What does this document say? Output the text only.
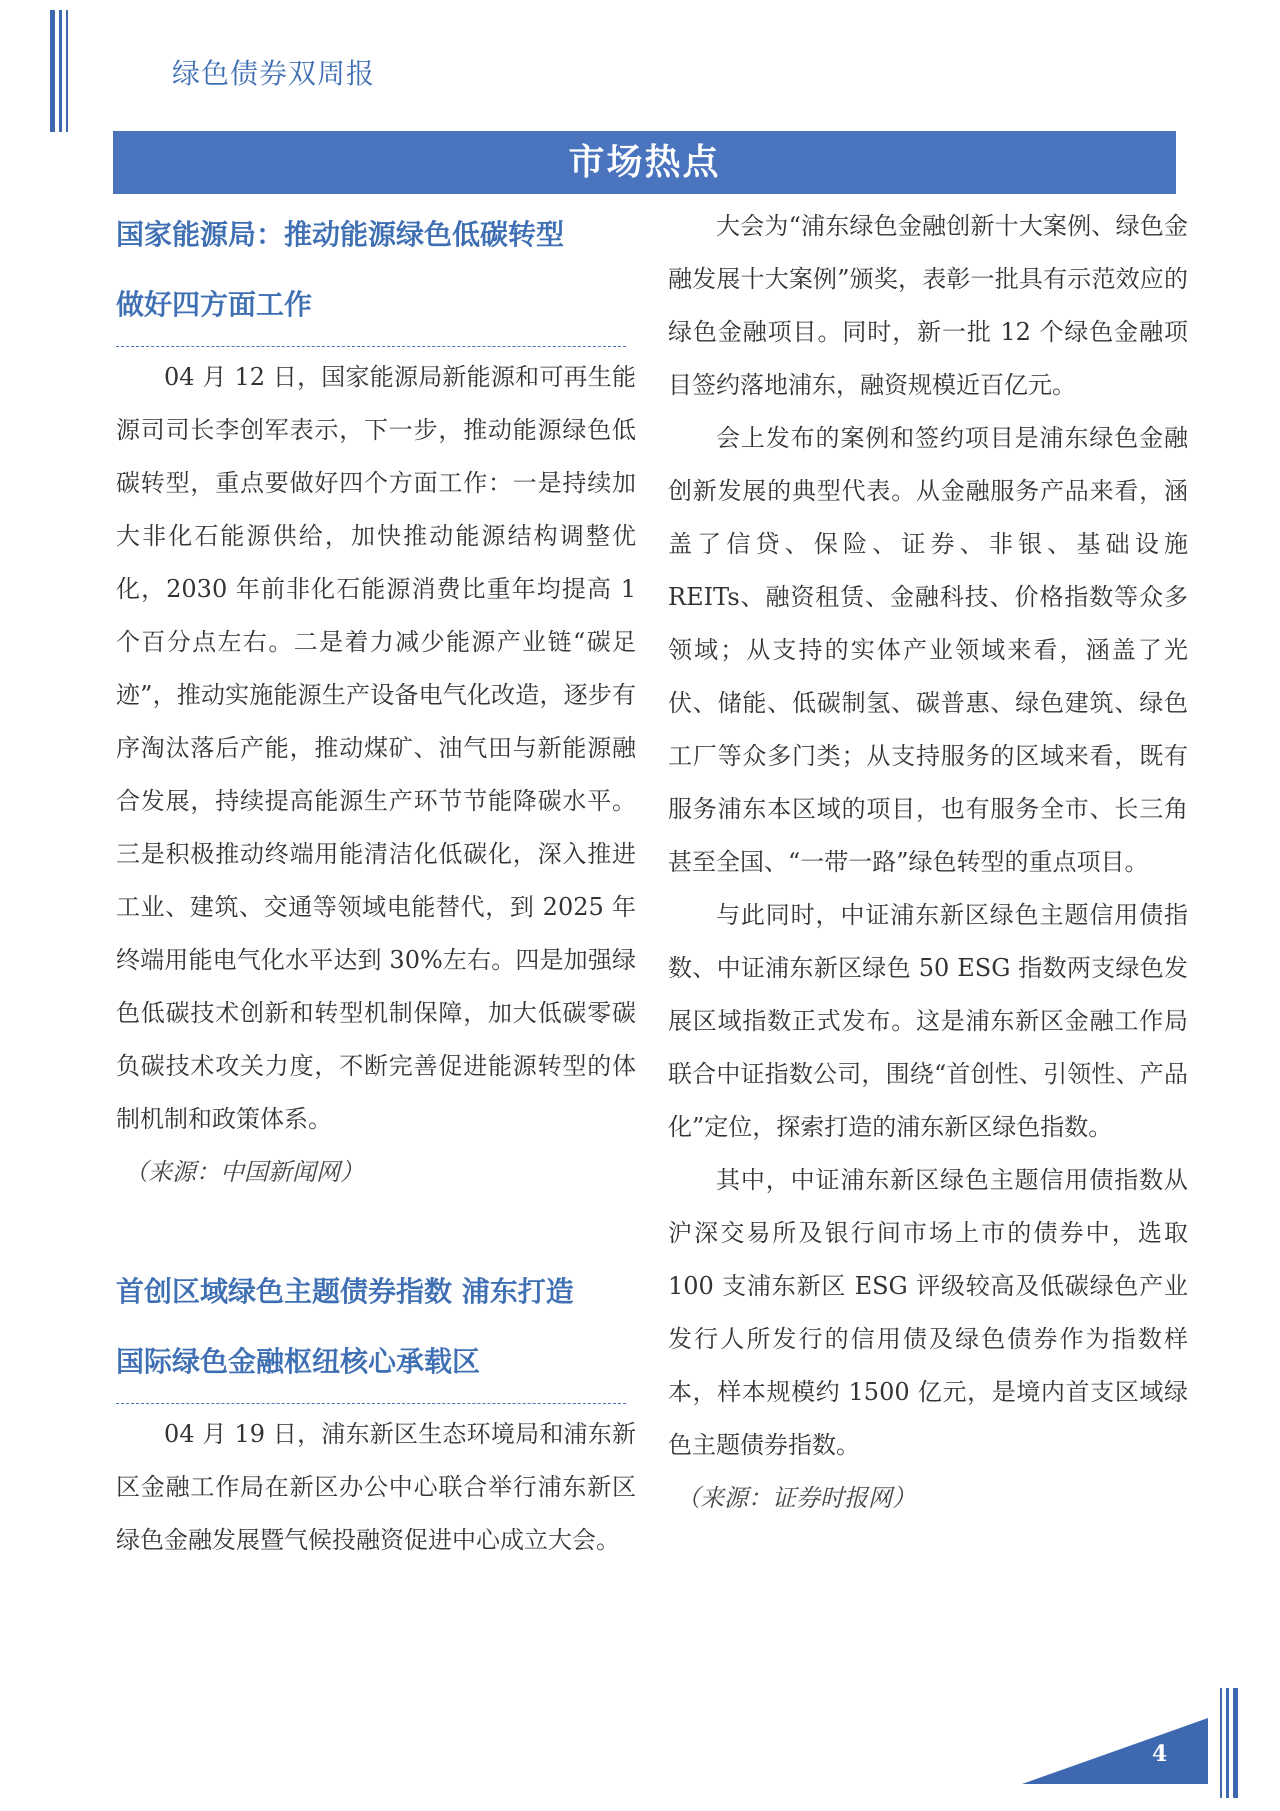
绿色债券双周报
市场热点
国家能源局：推动能源绿色低碳转型
做好四方面工作

04 月 12 日，国家能源局新能源和可再生能源司司长李创军表示，下一步，推动能源绿色低碳转型，重点要做好四个方面工作：一是持续加大非化石能源供给，加快推动能源结构调整优化，2030 年前非化石能源消费比重年均提高 1 个百分点左右。二是着力减少能源产业链“碳足迹”，推动实施能源生产设备电气化改造，逐步有序淘汰落后产能，推动煤矿、油气田与新能源融合发展，持续提高能源生产环节节能降碳水平。三是积极推动终端用能清洁化低碳化，深入推进工业、建筑、交通等领域电能替代，到 2025 年终端用能电气化水平达到 30%左右。四是加强绿色低碳技术创新和转型机制保障，加大低碳零碳负碳技术攻关力度，不断完善促进能源转型的体制机制和政策体系。

（来源：中国新闻网）

首创区域绿色主题债券指数 浦东打造
国际绿色金融枢纽核心承载区

04 月 19 日，浦东新区生态环境局和浦东新区金融工作局在新区办公中心联合举行浦东新区绿色金融发展暨气候投融资促进中心成立大会。

大会为“浦东绿色金融创新十大案例、绿色金融发展十大案例”颁奖，表彰一批具有示范效应的绿色金融项目。同时，新一批 12 个绿色金融项目签约落地浦东，融资规模近百亿元。

会上发布的案例和签约项目是浦东绿色金融创新发展的典型代表。从金融服务产品来看，涵盖了信贷、保险、证券、非银、基础设施 REITs、融资租赁、金融科技、价格指数等众多领域；从支持的实体产业领域来看，涵盖了光伏、储能、低碳制氢、碳普惠、绿色建筑、绿色工厂等众多门类；从支持服务的区域来看，既有服务浦东本区域的项目，也有服务全市、长三角甚至全国、“一带一路”绿色转型的重点项目。

与此同时，中证浦东新区绿色主题信用债指数、中证浦东新区绿色 50 ESG 指数两支绿色发展区域指数正式发布。这是浦东新区金融工作局联合中证指数公司，围绕“首创性、引领性、产品化”定位，探索打造的浦东新区绿色指数。

其中，中证浦东新区绿色主题信用债指数从沪深交易所及银行间市场上市的债券中，选取 100 支浦东新区 ESG 评级较高及低碳绿色产业发行人所发行的信用债及绿色债券作为指数样本，样本规模约 1500 亿元，是境内首支区域绿色主题债券指数。

（来源：证券时报网）

4
